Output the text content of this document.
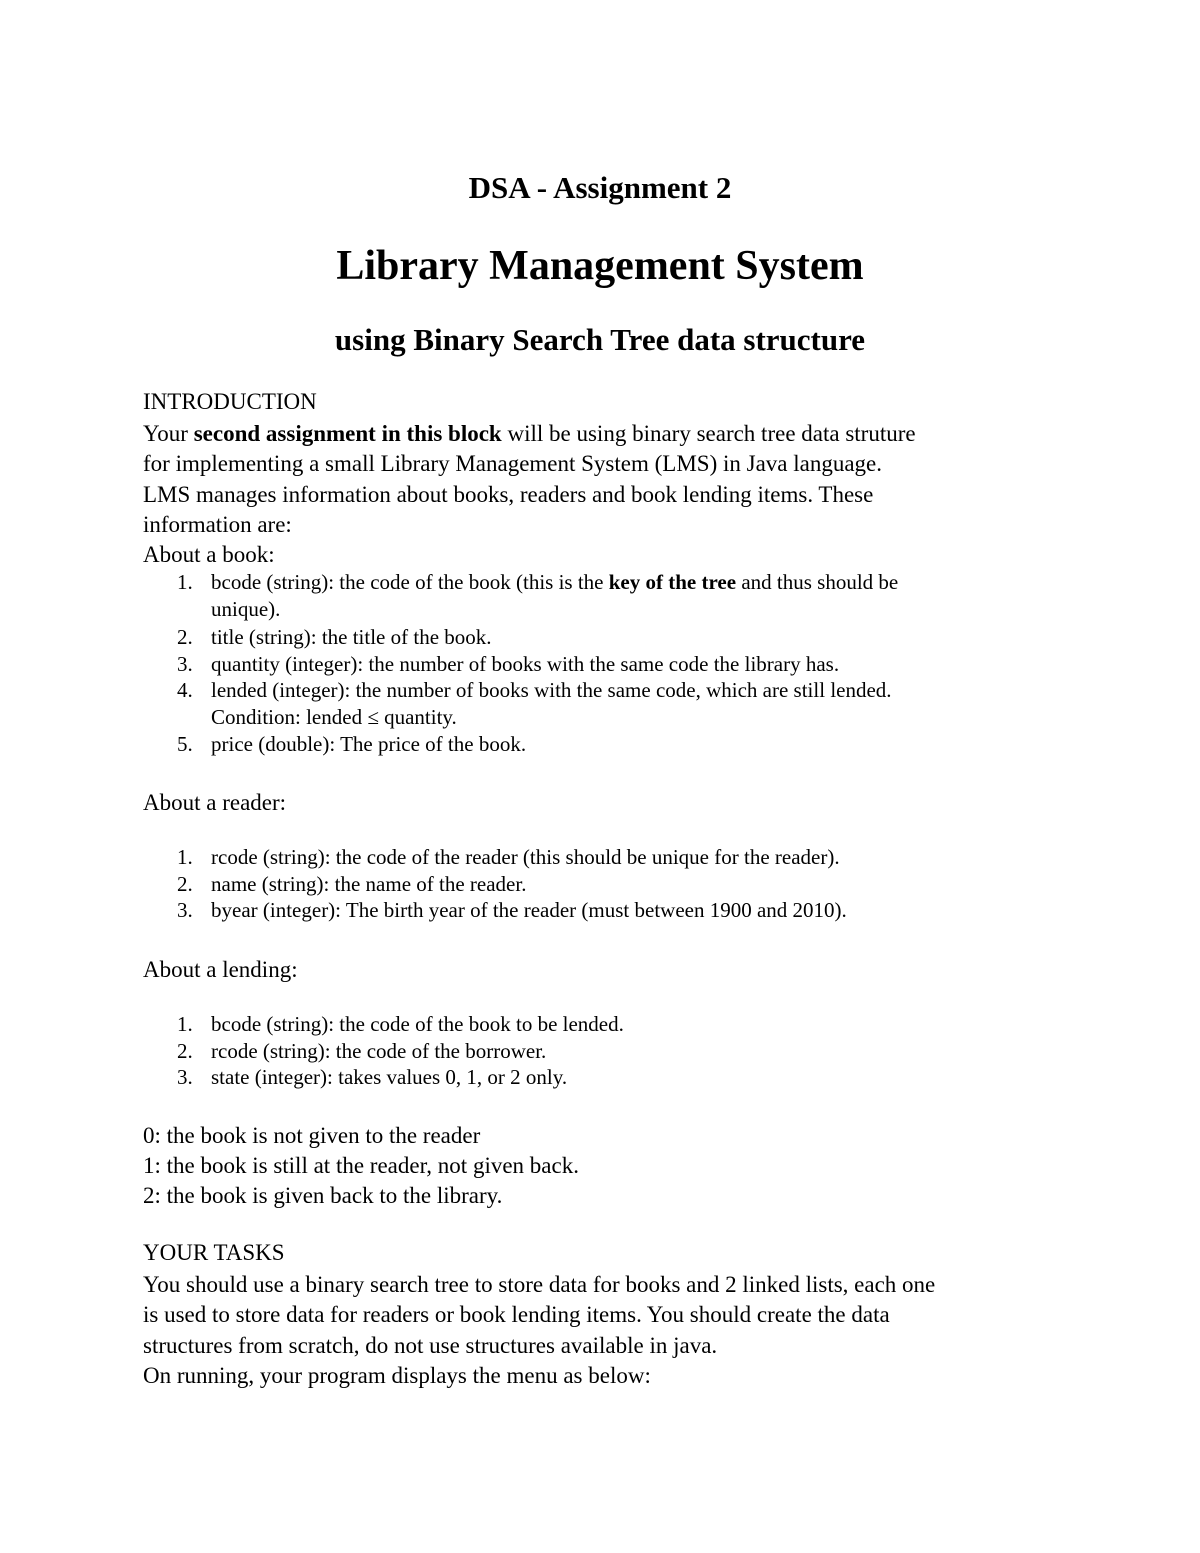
DSA - Assignment 2
Library Management System
using Binary Search Tree data structure
INTRODUCTION
Your second assignment in this block will be using binary search tree data struture
for implementing a small Library Management System (LMS) in Java language.
LMS manages information about books, readers and book lending items. These
information are:
About a book:
1. bcode (string): the code of the book (this is the key of the tree and thus should be
unique).
2. title (string): the title of the book.
3. quantity (integer): the number of books with the same code the library has.
4. lended (integer): the number of books with the same code, which are still lended.
Condition: lended ≤ quantity.
5. price (double): The price of the book.
About a reader:
1. rcode (string): the code of the reader (this should be unique for the reader).
2. name (string): the name of the reader.
3. byear (integer): The birth year of the reader (must between 1900 and 2010).
About a lending:
1. bcode (string): the code of the book to be lended.
2. rcode (string): the code of the borrower.
3. state (integer): takes values 0, 1, or 2 only.
0: the book is not given to the reader
1: the book is still at the reader, not given back.
2: the book is given back to the library.
YOUR TASKS
You should use a binary search tree to store data for books and 2 linked lists, each one
is used to store data for readers or book lending items. You should create the data
structures from scratch, do not use structures available in java.
On running, your program displays the menu as below:
